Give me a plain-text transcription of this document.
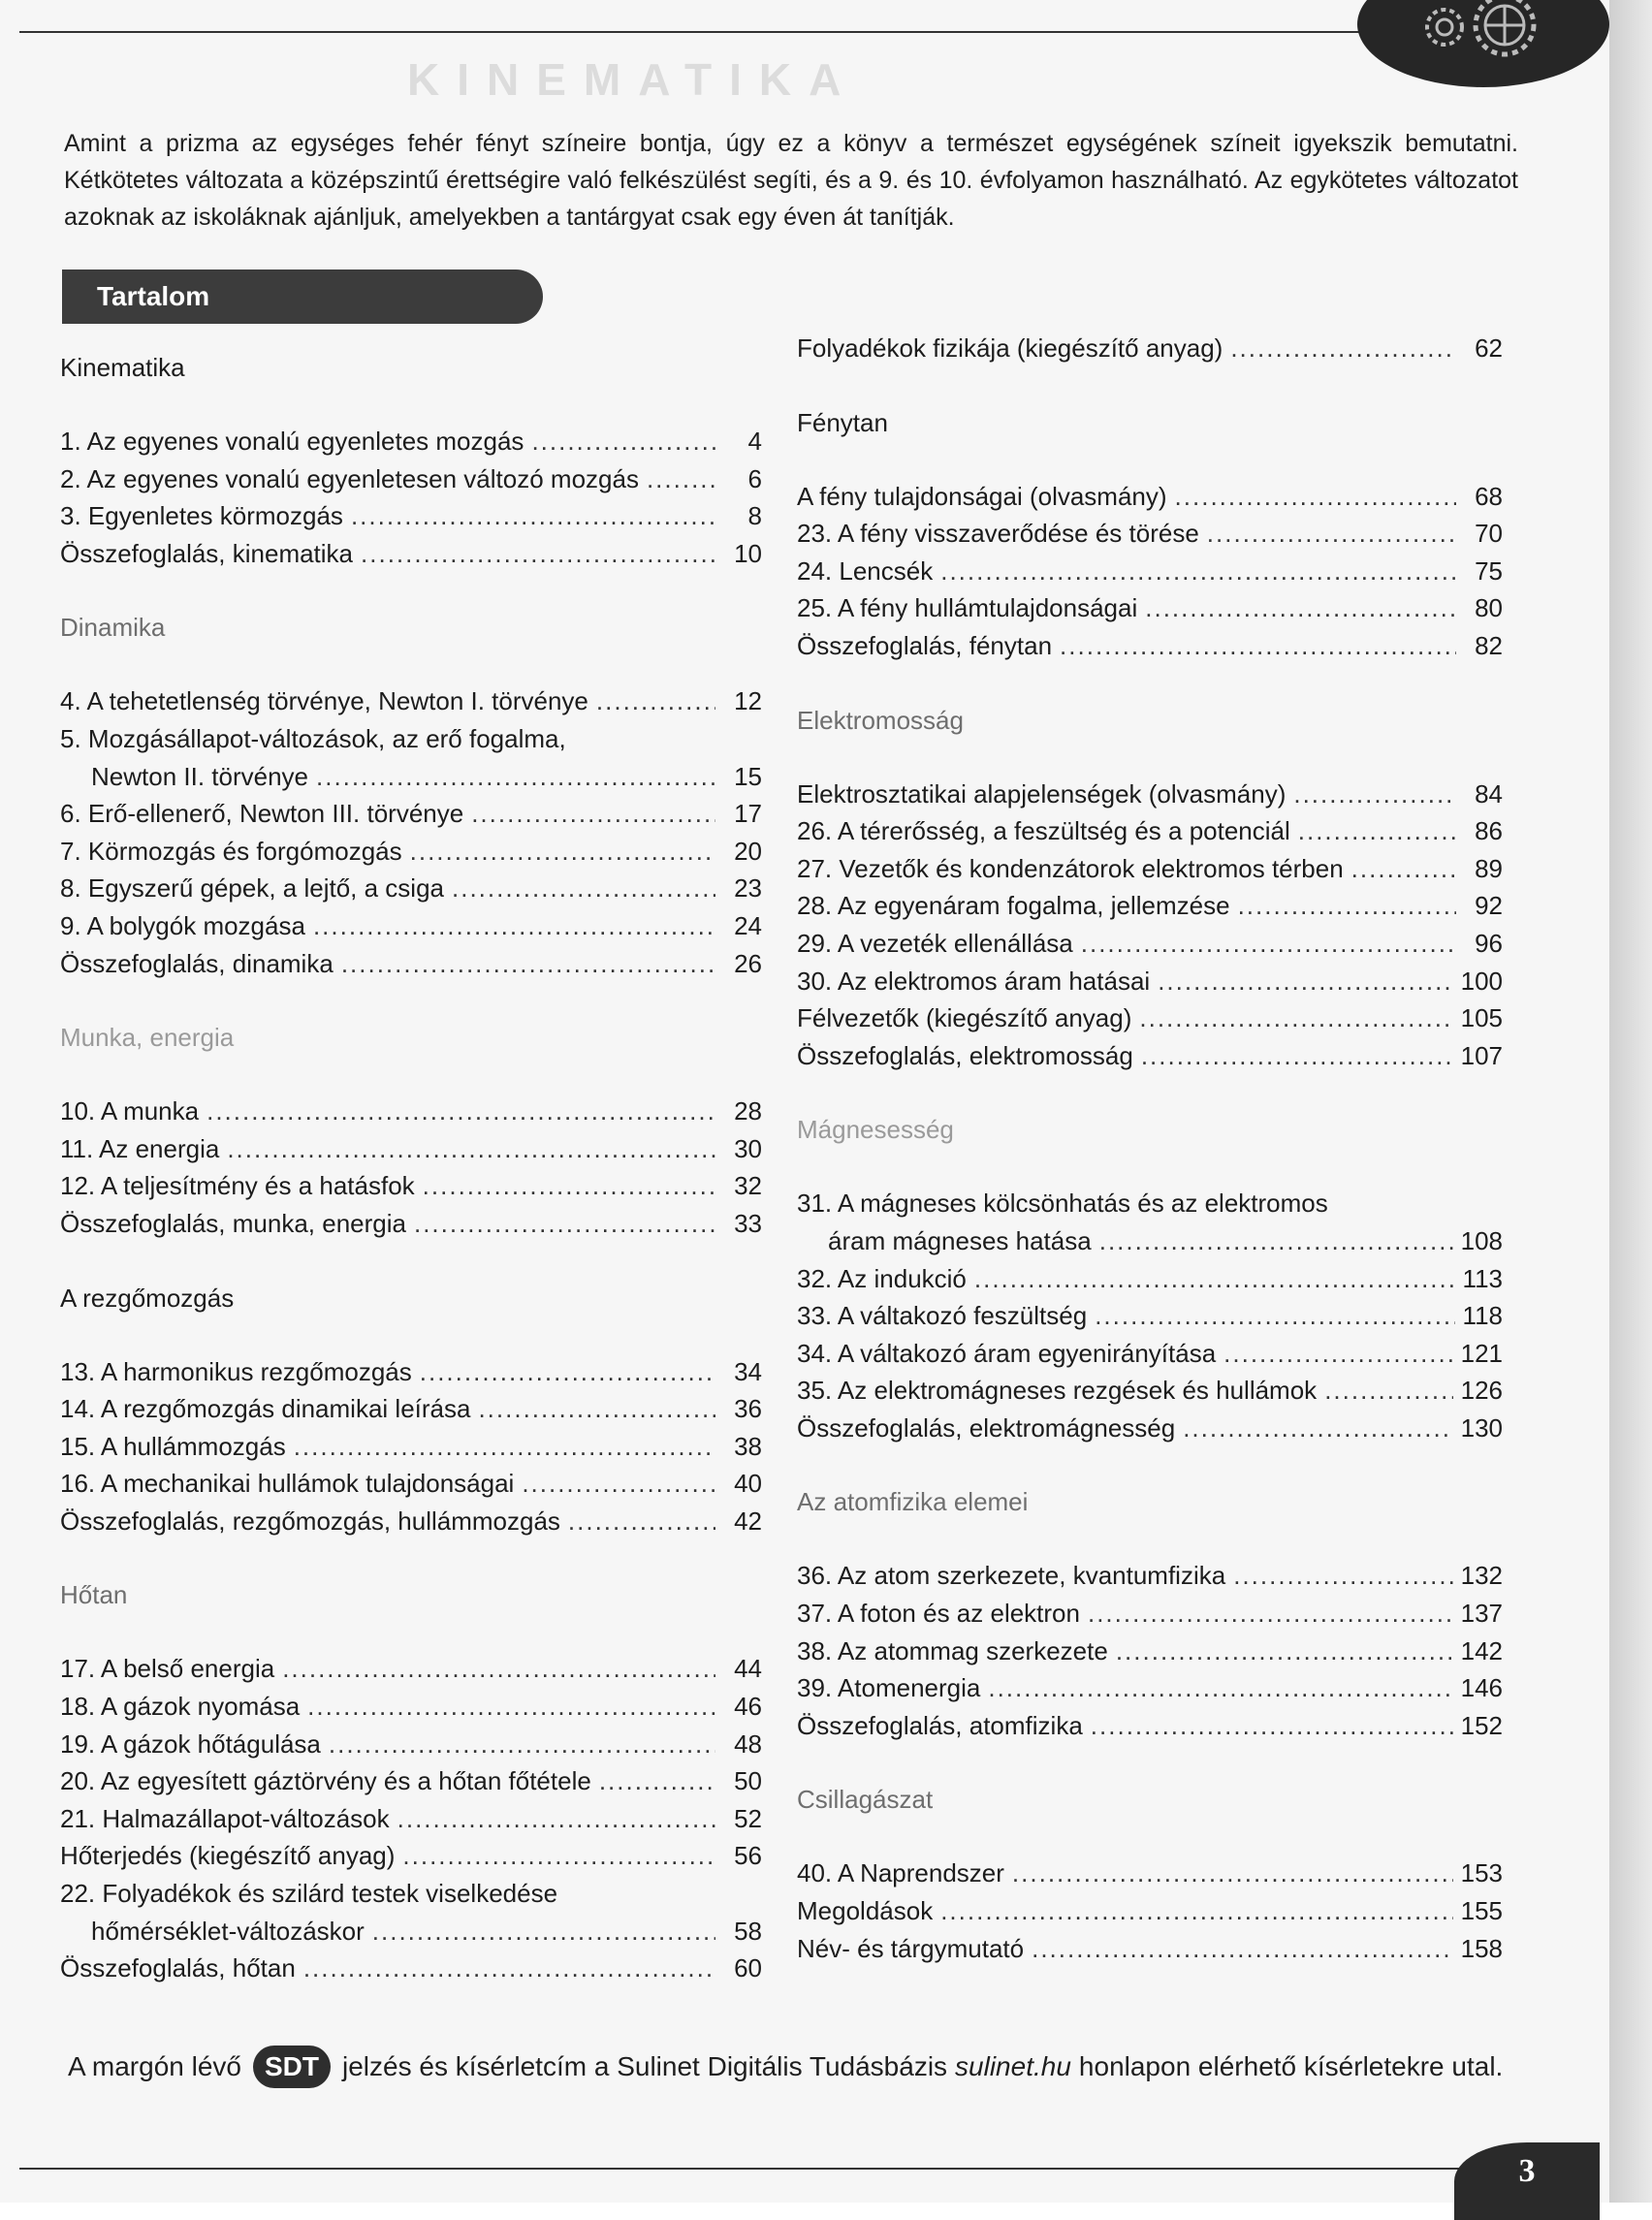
KINEMATIKA

Amint a prizma az egységes fehér fényt színeire bontja, úgy ez a könyv a természet egységének színeit igyekszik bemutatni. Kétkötetes változata a középszintű érettségire való felkészülést segíti, és a 9. és 10. évfolyamon használható. Az egykötetes változatot azoknak az iskoláknak ajánljuk, amelyekben a tantárgyat csak egy éven át tanítják.

Tartalom
Kinematika
1. Az egyenes vonalú egyenletes mozgás .....	4
2. Az egyenes vonalú egyenletesen változó mozgás .....	6
3. Egyenletes körmozgás .....	8
Összefoglalás, kinematika .....	10
Dinamika
4. A tehetetlenség törvénye, Newton I. törvénye .....	12
5. Mozgásállapot-változások, az erő fogalma,
Newton II. törvénye .....	15
6. Erő-ellenerő, Newton III. törvénye .....	17
7. Körmozgás és forgómozgás .....	20
8. Egyszerű gépek, a lejtő, a csiga .....	23
9. A bolygók mozgása .....	24
Összefoglalás, dinamika .....	26
Munka, energia
10. A munka .....	28
11. Az energia .....	30
12. A teljesítmény és a hatásfok .....	32
Összefoglalás, munka, energia .....	33
A rezgőmozgás
13. A harmonikus rezgőmozgás .....	34
14. A rezgőmozgás dinamikai leírása .....	36
15. A hullámmozgás .....	38
16. A mechanikai hullámok tulajdonságai .....	40
Összefoglalás, rezgőmozgás, hullámmozgás .....	42
Hőtan
17. A belső energia .....	44
18. A gázok nyomása .....	46
19. A gázok hőtágulása .....	48
20. Az egyesített gáztörvény és a hőtan főtétele .....	50
21. Halmazállapot-változások .....	52
Hőterjedés (kiegészítő anyag) .....	56
22. Folyadékok és szilárd testek viselkedése
hőmérséklet-változáskor .....	58
Összefoglalás, hőtan .....	60
Folyadékok fizikája (kiegészítő anyag) .....	62
Fénytan
A fény tulajdonságai (olvasmány) .....	68
23. A fény visszaverődése és törése .....	70
24. Lencsék .....	75
25. A fény hullámtulajdonságai .....	80
Összefoglalás, fénytan .....	82
Elektromosság
Elektrosztatikai alapjelenségek (olvasmány) .....	84
26. A térerősség, a feszültség és a potenciál .....	86
27. Vezetők és kondenzátorok elektromos térben .....	89
28. Az egyenáram fogalma, jellemzése .....	92
29. A vezeték ellenállása .....	96
30. Az elektromos áram hatásai .....	100
Félvezetők (kiegészítő anyag) .....	105
Összefoglalás, elektromosság .....	107
Mágnesesség
31. A mágneses kölcsönhatás és az elektromos
áram mágneses hatása .....	108
32. Az indukció .....	113
33. A váltakozó feszültség .....	118
34. A váltakozó áram egyenirányítása .....	121
35. Az elektromágneses rezgések és hullámok .....	126
Összefoglalás, elektromágnesség .....	130
Az atomfizika elemei
36. Az atom szerkezete, kvantumfizika .....	132
37. A foton és az elektron .....	137
38. Az atommag szerkezete .....	142
39. Atomenergia .....	146
Összefoglalás, atomfizika .....	152
Csillagászat
40. A Naprendszer .....	153
Megoldások .....	155
Név- és tárgymutató .....	158
A margón lévő SDT jelzés és kísérletcím a Sulinet Digitális Tudásbázis sulinet.hu honlapon elérhető kísérletekre utal.
3
